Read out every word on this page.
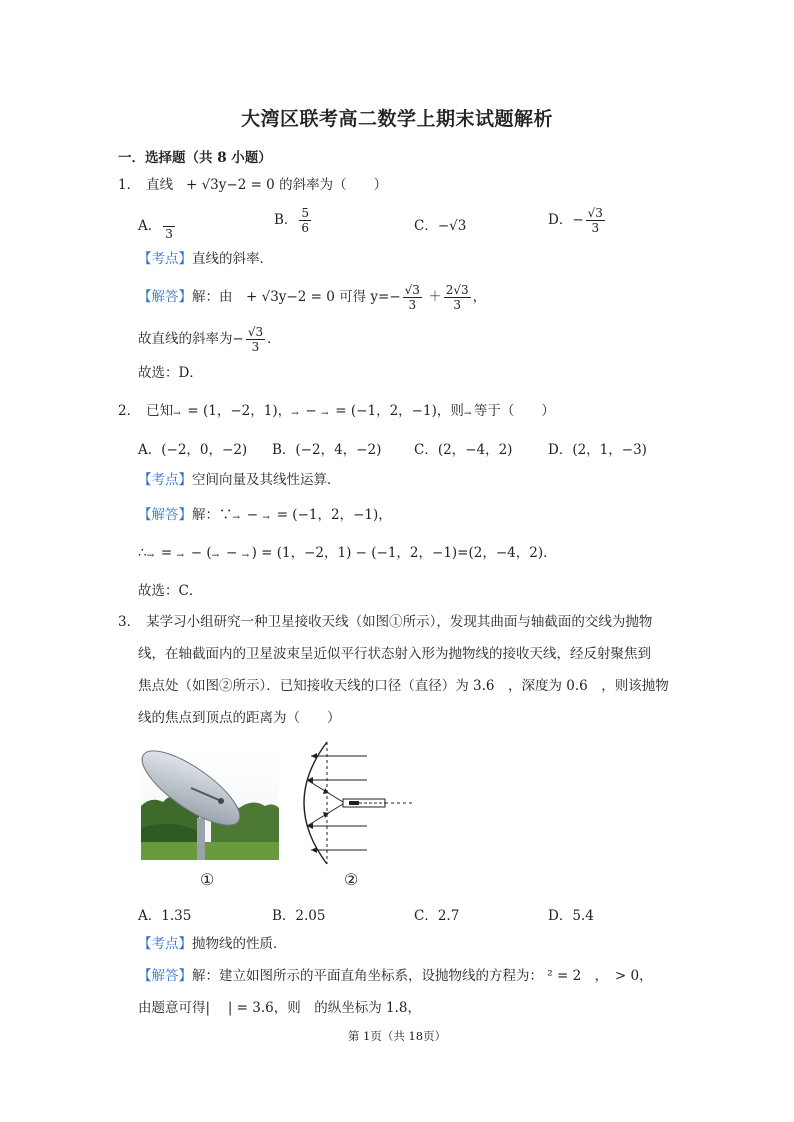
大湾区联考高二数学上期末试题解析
一．选择题（共 8 小题）
1． 直线 + √3y−2 = 0 的斜率为（　　）
A． 3
B． $\frac{5}{6}$	C．−√3	D．− $\frac{√3}{3}$
【考点】直线的斜率．
【解答】解：由　+ √3y−2 = 0 可得 $y=- \frac{√3}{3} + \frac{2√3}{3}$ ，
故直线的斜率为− $\frac{√3}{3}$ ．
故选：D．
2． 已知 = (1，−2，1)， −  = (−1，2，−1)，则 等于（　　）
A．(−2，0，−2) B．(−2，4，−2) C．(2，−4，2)	D．(2，1，−3)
【考点】空间向量及其线性运算．
【解答】解：∵ −  = (−1，2，−1)，
∴ =  − ( − ) = (1，−2，1) − (−1，2，−1)=(2，−4，2)．
故选：C．
3． 某学习小组研究一种卫星接收天线（如图①所示），发现其曲面与轴截面的交线为抛物
线，在轴截面内的卫星波束呈近似平行状态射入形为抛物线的接收天线，经反射聚焦到
焦点处（如图②所示）．已知接收天线的口径（直径）为 3.6　，深度为 0.6　，则该抛物
线的焦点到顶点的距离为（　　）
①	②
A．1.35	B．2.05	C．2.7	D．5.4
【考点】抛物线的性质．
【解答】解：建立如图所示的平面直角坐标系，设抛物线的方程为： ² = 2　，　> 0，
由题意可得|　 | = 3.6，则　的纵坐标为 1.8，
第 1页（共 18页）
